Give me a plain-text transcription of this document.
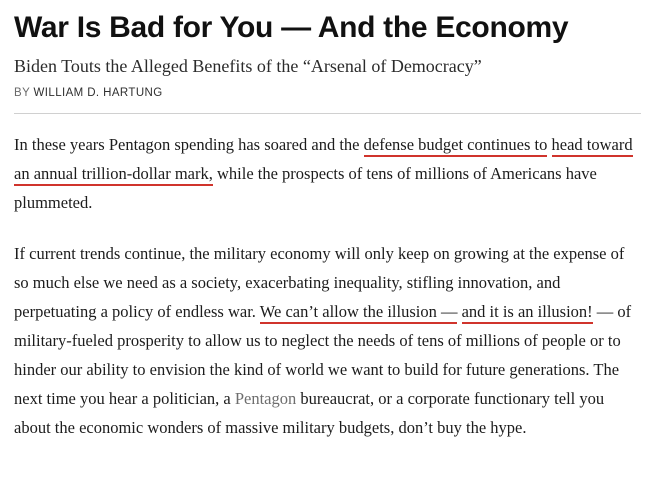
War Is Bad for You — And the Economy

Biden Touts the Alleged Benefits of the “Arsenal of Democracy”

BY WILLIAM D. HARTUNG

In these years Pentagon spending has soared and the defense budget continues to head toward an annual trillion-dollar mark, while the prospects of tens of millions of Americans have plummeted.

If current trends continue, the military economy will only keep on growing at the expense of so much else we need as a society, exacerbating inequality, stifling innovation, and perpetuating a policy of endless war. We can’t allow the illusion — and it is an illusion! — of military-fueled prosperity to allow us to neglect the needs of tens of millions of people or to hinder our ability to envision the kind of world we want to build for future generations. The next time you hear a politician, a Pentagon bureaucrat, or a corporate functionary tell you about the economic wonders of massive military budgets, don’t buy the hype.
